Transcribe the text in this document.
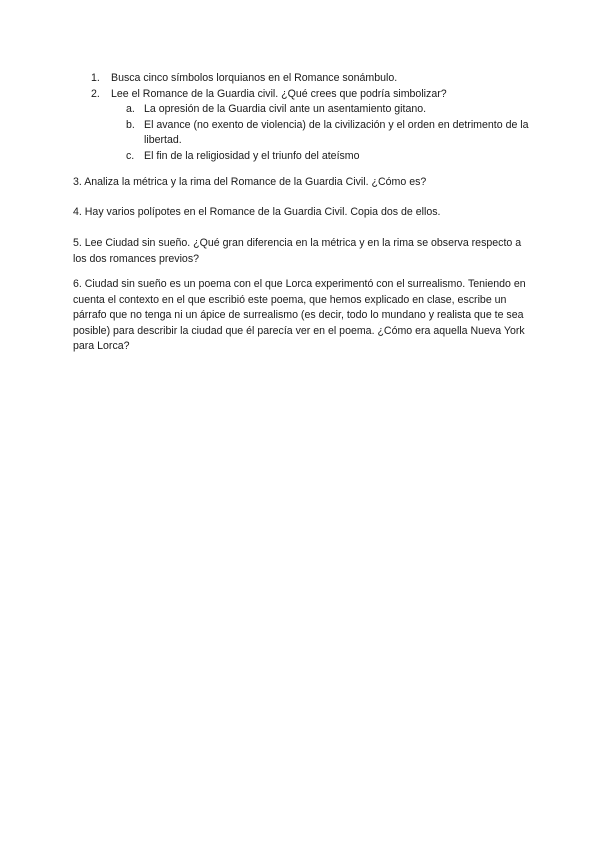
1. Busca cinco símbolos lorquianos en el Romance sonámbulo.
2. Lee el Romance de la Guardia civil. ¿Qué crees que podría simbolizar?
a. La opresión de la Guardia civil ante un asentamiento gitano.
b. El avance (no exento de violencia) de la civilización y el orden en detrimento de la libertad.
c. El fin de la religiosidad y el triunfo del ateísmo

3. Analiza la métrica y la rima del Romance de la Guardia Civil. ¿Cómo es?

4. Hay varios polípotes en el Romance de la Guardia Civil. Copia dos de ellos.

5. Lee Ciudad sin sueño. ¿Qué gran diferencia en la métrica y en la rima se observa respecto a los dos romances previos?

6. Ciudad sin sueño es un poema con el que Lorca experimentó con el surrealismo. Teniendo en cuenta el contexto en el que escribió este poema, que hemos explicado en clase, escribe un párrafo que no tenga ni un ápice de surrealismo (es decir, todo lo mundano y realista que te sea posible) para describir la ciudad que él parecía ver en el poema. ¿Cómo era aquella Nueva York para Lorca?
